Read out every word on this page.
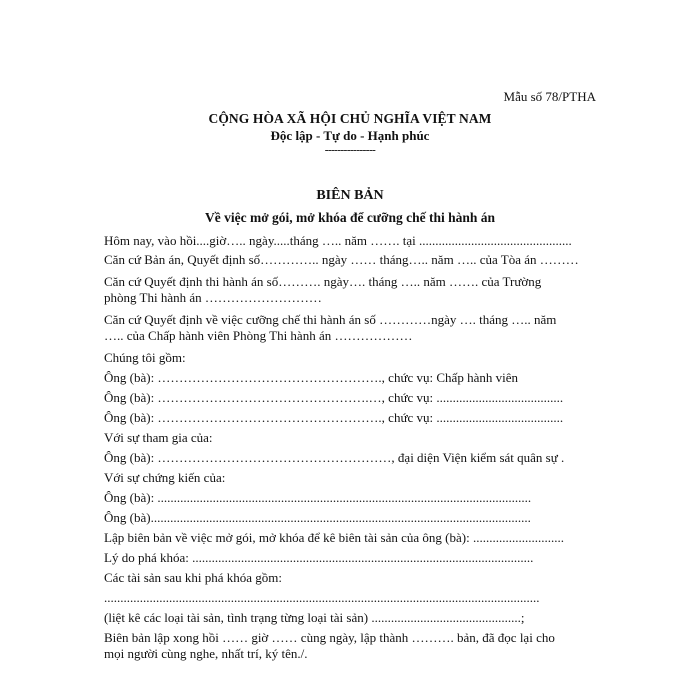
Mẫu số 78/PTHA
CỘNG HÒA XÃ HỘI CHỦ NGHĨA VIỆT NAM
Độc lập - Tự do - Hạnh phúc
----------------
BIÊN BẢN
Về việc mở gói, mở khóa để cưỡng chế thi hành án
Hôm nay, vào hồi....giờ….. ngày.....tháng ….. năm ……. tại ...............................................
Căn cứ Bản án, Quyết định số………….. ngày …… tháng….. năm ….. của Tòa án ………
Căn cứ Quyết định thi hành án số………. ngày…. tháng ….. năm ……. của Trường
phòng Thi hành án ………………………
Căn cứ Quyết định về việc cưỡng chế thi hành án số …………ngày …. tháng ….. năm
….. của Chấp hành viên Phòng Thi hành án ………………
Chúng tôi gồm:
Ông (bà): ……………………………………………., chức vụ: Chấp hành viên
Ông (bà): ………………………………………….…, chức vụ: .......................................
Ông (bà): ……………………………………………., chức vụ: .......................................
Với sự tham gia của:
Ông (bà): ………………………………………………, đại diện Viện kiểm sát quân sự .
Với sự chứng kiến của:
Ông (bà): ...................................................................................................................
Ông (bà).....................................................................................................................
Lập biên bản về việc mở gói, mở khóa để kê biên tài sản của ông (bà): ............................
Lý do phá khóa: .........................................................................................................
Các tài sản sau khi phá khóa gồm:
......................................................................................................................................
(liệt kê các loại tài sản, tình trạng từng loại tài sản) ..............................................;
Biên bản lập xong hồi …… giờ …… cùng ngày, lập thành ………. bản, đã đọc lại cho
mọi người cùng nghe, nhất trí, ký tên./.
